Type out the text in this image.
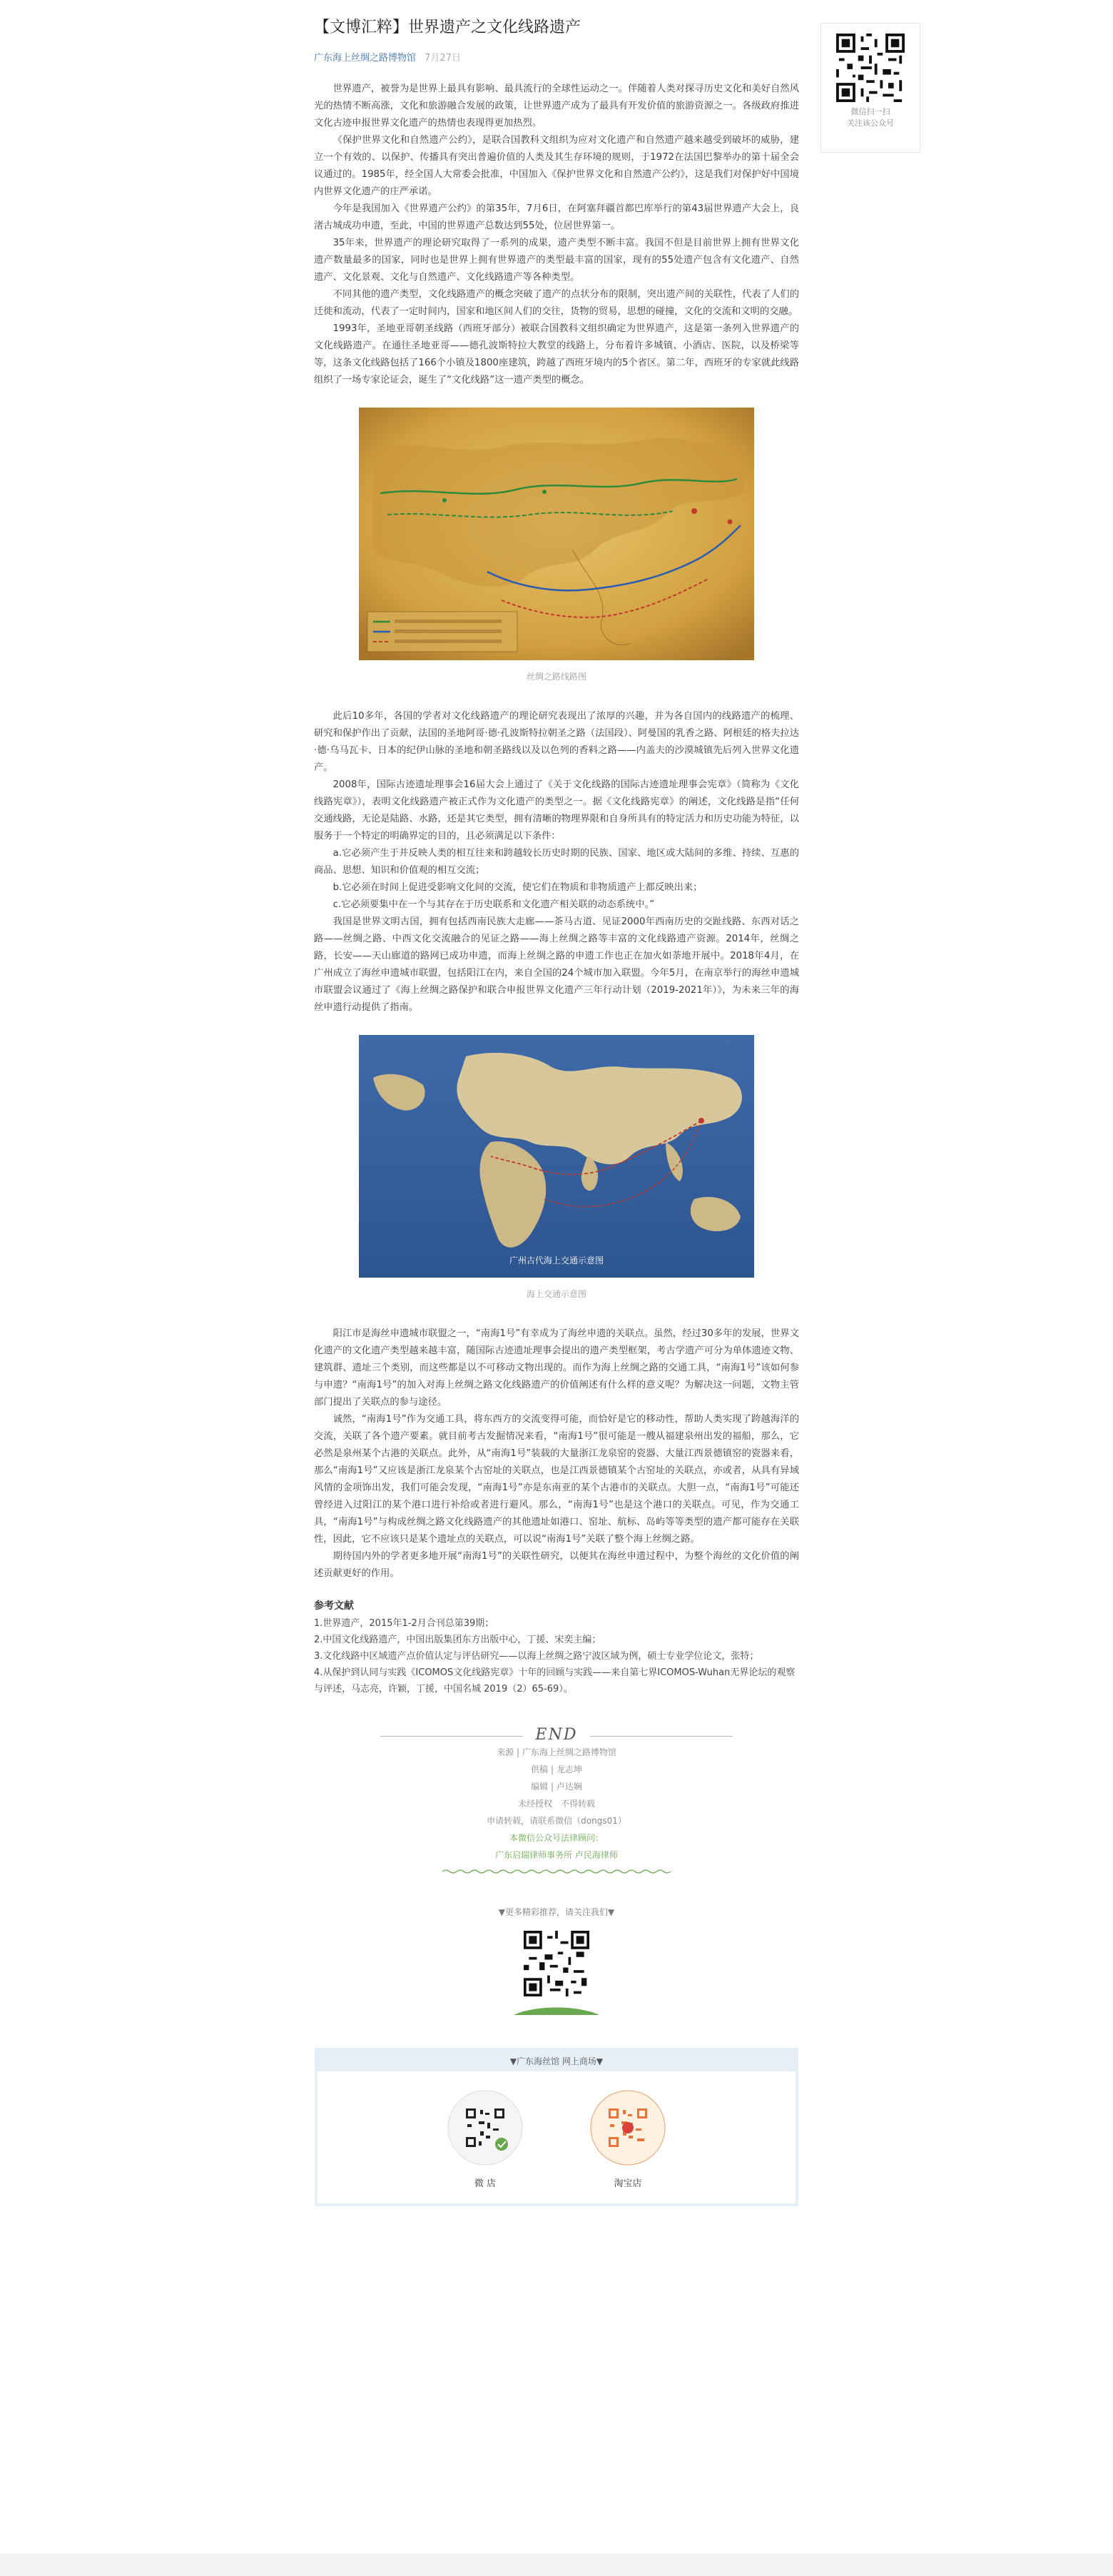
微信扫一扫
关注该公众号
【文博汇粹】世界遗产之文化线路遗产
广东海上丝绸之路博物馆 7月27日

世界遗产，被誉为是世界上最具有影响、最具流行的全球性运动之一。伴随着人类对探寻历史文化和美好自然风光的热情不断高涨，文化和旅游融合发展的政策，让世界遗产成为了最具有开发价值的旅游资源之一。各级政府推进文化古迹申报世界文化遗产的热情也表现得更加热烈。

《保护世界文化和自然遗产公约》，是联合国教科文组织为应对文化遗产和自然遗产越来越受到破坏的威胁，建立一个有效的、以保护、传播具有突出普遍价值的人类及其生存环境的规则，于1972在法国巴黎举办的第十届全会议通过的。1985年，经全国人大常委会批准，中国加入《保护世界文化和自然遗产公约》，这是我们对保护好中国境内世界文化遗产的庄严承诺。

今年是我国加入《世界遗产公约》的第35年，7月6日，在阿塞拜疆首都巴库举行的第43届世界遗产大会上，良渚古城成功申遗，至此，中国的世界遗产总数达到55处，位居世界第一。

35年来，世界遗产的理论研究取得了一系列的成果，遗产类型不断丰富。我国不但是目前世界上拥有世界文化遗产数量最多的国家，同时也是世界上拥有世界遗产的类型最丰富的国家，现有的55处遗产包含有文化遗产、自然遗产、文化景观、文化与自然遗产、文化线路遗产等各种类型。

不同其他的遗产类型，文化线路遗产的概念突破了遗产的点状分布的限制，突出遗产间的关联性，代表了人们的迁徙和流动，代表了一定时间内，国家和地区间人们的交往，货物的贸易，思想的碰撞，文化的交流和文明的交融。

1993年，圣地亚哥朝圣线路（西班牙部分）被联合国教科文组织确定为世界遗产，这是第一条列入世界遗产的文化线路遗产。在通往圣地亚哥——德孔波斯特拉大教堂的线路上，分布着许多城镇、小酒店、医院，以及桥梁等等，这条文化线路包括了166个小镇及1800座建筑，跨越了西班牙境内的5个省区。第二年，西班牙的专家就此线路组织了一场专家论证会，诞生了“文化线路”这一遗产类型的概念。

丝绸之路线路图

此后10多年，各国的学者对文化线路遗产的理论研究表现出了浓厚的兴趣，并为各自国内的线路遗产的梳理、研究和保护作出了贡献，法国的圣地阿哥·德·孔波斯特拉朝圣之路（法国段）、阿曼国的乳香之路、阿根廷的格夫拉达·德·乌马瓦卡、日本的纪伊山脉的圣地和朝圣路线以及以色列的香料之路——内盖夫的沙漠城镇先后列入世界文化遗产。

2008年，国际古迹遗址理事会16届大会上通过了《关于文化线路的国际古迹遗址理事会宪章》（简称为《文化线路宪章》），表明文化线路遗产被正式作为文化遗产的类型之一。据《文化线路宪章》的阐述，文化线路是指“任何交通线路，无论是陆路、水路，还是其它类型，拥有清晰的物理界限和自身所具有的特定活力和历史功能为特征，以服务于一个特定的明确界定的目的，且必须满足以下条件：

a.它必须产生于并反映人类的相互往来和跨越较长历史时期的民族、国家、地区或大陆间的多维、持续、互惠的商品、思想、知识和价值观的相互交流；

b.它必须在时间上促进受影响文化间的交流，使它们在物质和非物质遗产上都反映出来；

c.它必须要集中在一个与其存在于历史联系和文化遗产相关联的动态系统中。”

我国是世界文明古国，拥有包括西南民族大走廊——茶马古道、见证2000年西南历史的交趾线路、东西对话之路——丝绸之路、中西文化交流融合的见证之路——海上丝绸之路等丰富的文化线路遗产资源。2014年，丝绸之路，长安——天山廊道的路网已成功申遗，而海上丝绸之路的申遗工作也正在加火如荼地开展中。2018年4月，在广州成立了海丝申遗城市联盟，包括阳江在内，来自全国的24个城市加入联盟。今年5月，在南京举行的海丝申遗城市联盟会议通过了《海上丝绸之路保护和联合申报世界文化遗产三年行动计划（2019-2021年）》，为未来三年的海丝申遗行动提供了指南。

广州古代海上交通示意图
海上交通示意图

阳江市是海丝申遗城市联盟之一，“南海1号”有幸成为了海丝申遗的关联点。虽然，经过30多年的发展，世界文化遗产的文化遗产类型越来越丰富，随国际古迹遗址理事会提出的遗产类型框架，考古学遗产可分为单体遗迹文物、建筑群、遗址三个类别，而这些都是以不可移动文物出现的。而作为海上丝绸之路的交通工具，“南海1号”该如何参与申遗？“南海1号”的加入对海上丝绸之路文化线路遗产的价值阐述有什么样的意义呢？为解决这一问题，文物主管部门提出了关联点的参与途径。

诚然，“南海1号”作为交通工具，将东西方的交流变得可能，而恰好是它的移动性，帮助人类实现了跨越海洋的交流，关联了各个遗产要素。就目前考古发掘情况来看，“南海1号”很可能是一艘从福建泉州出发的福船，那么，它必然是泉州某个古港的关联点。此外，从“南海1号”装载的大量浙江龙泉窑的瓷器、大量江西景德镇窑的瓷器来看，那么“南海1号”又应该是浙江龙泉某个古窑址的关联点，也是江西景德镇某个古窑址的关联点，亦或者，从具有异域风情的金项饰出发，我们可能会发现，“南海1号”亦是东南亚的某个古港市的关联点。大胆一点，“南海1号”可能还曾经进入过阳江的某个港口进行补给或者进行避风。那么，“南海1号”也是这个港口的关联点。可见，作为交通工具，“南海1号”与构成丝绸之路文化线路遗产的其他遗址如港口、窑址、航标、岛屿等等类型的遗产都可能存在关联性，因此，它不应该只是某个遗址点的关联点，可以说“南海1号”关联了整个海上丝绸之路。

期待国内外的学者更多地开展“南海1号”的关联性研究，以便其在海丝申遗过程中，为整个海丝的文化价值的阐述贡献更好的作用。

参考文献
1.世界遗产，2015年1-2月合刊总第39期；
2.中国文化线路遗产，中国出版集团东方出版中心，丁援、宋奕主编；
3.文化线路中区域遗产点价值认定与评估研究——以海上丝绸之路宁波区域为例，硕士专业学位论文，张特；
4.从保护到认同与实践《ICOMOS文化线路宪章》十年的回顾与实践——来自第七界ICOMOS-Wuhan无界论坛的观察与评述，马志亮，许颖，丁援，中国名城 2019（2）65-69）。
END
来源 | 广东海上丝绸之路博物馆
供稿 | 龙志坤
编辑 | 卢达娴
未经授权　不得转载
申请转载，请联系微信（dongs01）
本微信公众号法律顾问：
广东启瑞律师事务所 卢民海律师
▼更多精彩推荐，请关注我们▼
▼广东海丝馆 网上商场▼
微 店	淘宝店
